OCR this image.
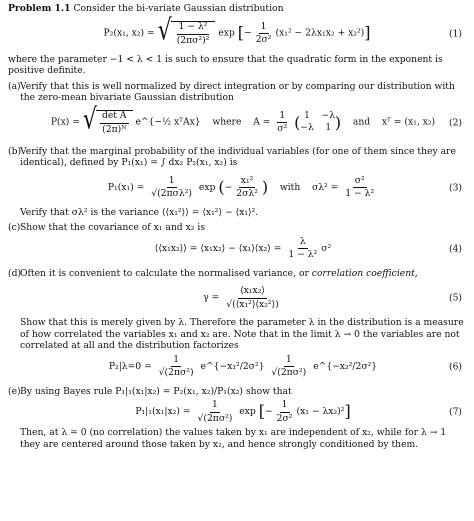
Problem 1.1 Consider the bi-variate Gaussian distribution

P₂(x₁, x₂) = √ $\frac{\text{1 − λ²}}{\text{(2πσ²)²}}$ exp [− $\frac{1}{\text{2σ²}} (x_1^2 - 2\lambda x_1x_2 + x_2^2)$]	(1)

where the parameter −1 < λ < 1 is such to ensure that the quadratic form in the exponent is positive definite.

(a) Verify that this is well normalized by direct integration or by comparing our distribution with the zero-mean bivariate Gaussian distribution

P(x) = √ $\frac{\text{det A}}{\text{(2π)ᴺ}}$ e^{−½ xᵀAx} where $A = \frac{1}{\text{σ²}}$
( 1	−λ
−λ	1 ) and xᵀ = (x₁, x₂) (2)
(b)

Verify that the marginal probability of the individual variables (for one of them since they are identical), defined by P₁(x₁) = ∫ dx₂ P₂(x₁, x₂) is

$P_1(x_1) = \frac{1}{\text{√(2πσλ²)}}$ exp (− $\frac{\text{x₁²}}{\text{2σλ²}}$ ) with $\sigma\lambda^2 = \frac{\text{σ²}}{\text{1 − λ²}}$	(3)

Verify that σλ² is the variance ⟨⟨x₁²⟩⟩ = ⟨x₁²⟩ − ⟨x₁⟩².

(c) Show that the covariance of x₁ and x₂ is

⟨⟨x₁x₂⟩⟩ = ⟨x₁x₂⟩ − ⟨x₁⟩⟨x₂⟩ = $\frac{\lambda}{\text{1 − λ²}} \sigma^2$	(4)
(d)

Often it is convenient to calculate the normalised variance, or correlation coefficient,

$\gamma = \frac{\text{⟨x₁x₂⟩}}{\text{√(⟨x₁²⟩⟨x₂²⟩)}}$	(5)

Show that this is merely given by λ. Therefore the parameter λ in the distribution is a measure of how correlated the variables x₁ and x₂ are. Note that in the limit λ → 0 the variables are not correlated at all and the distribution factorizes

$P_2|\lambda=0 = \frac{1}{\text{√(2πσ²)}}$ e^{−x₁²/2σ²} $\frac{1}{\text{√(2πσ²)}}$ e^{−x₂²/2σ²}	(6)
(e) By using Bayes rule P₁|₁(x₁|x₂) = P₂(x₁, x₂)/P₁(x₂) show that

$P_1|_1(x_1|x_2) = \frac{1}{\text{√(2πσ²)}}$ exp [− $\frac{1}{\text{2σ²}} (x_1 - \lambda x_2)^2$]	(7)

Then, at λ = 0 (no correlation) the values taken by x₁ are independent of x₂, while for λ → 1 they are centered around those taken by x₂, and hence strongly conditioned by them.
